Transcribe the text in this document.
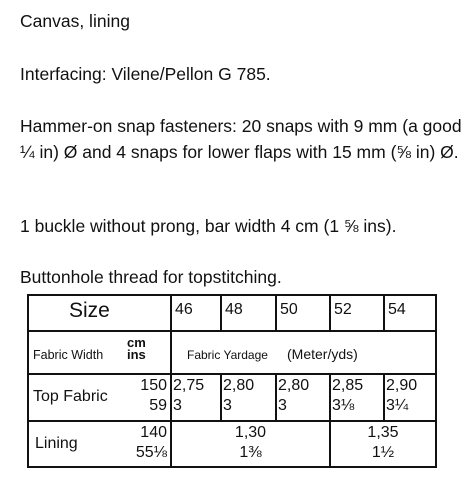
Canvas, lining

Interfacing: Vilene/Pellon G 785.

Hammer-on snap fasteners: 20 snaps with 9 mm (a good ¼ in) Ø and 4 snaps for lower flaps with 15 mm (⅝ in) Ø.

1 buckle without prong, bar width 4 cm (1 ⅝ ins).

Buttonhole thread for topstitching.

Size	46 48 50 52 54
Fabric Width
cm
ins	Fabric Yardage (Meter/yds)
Top Fabric
150
59
2,75
3
2,80
3
2,80
3
2,85
3⅛
2,90
3¼
Lining
140
55⅛
1,30
1⅜
1,35
1½
